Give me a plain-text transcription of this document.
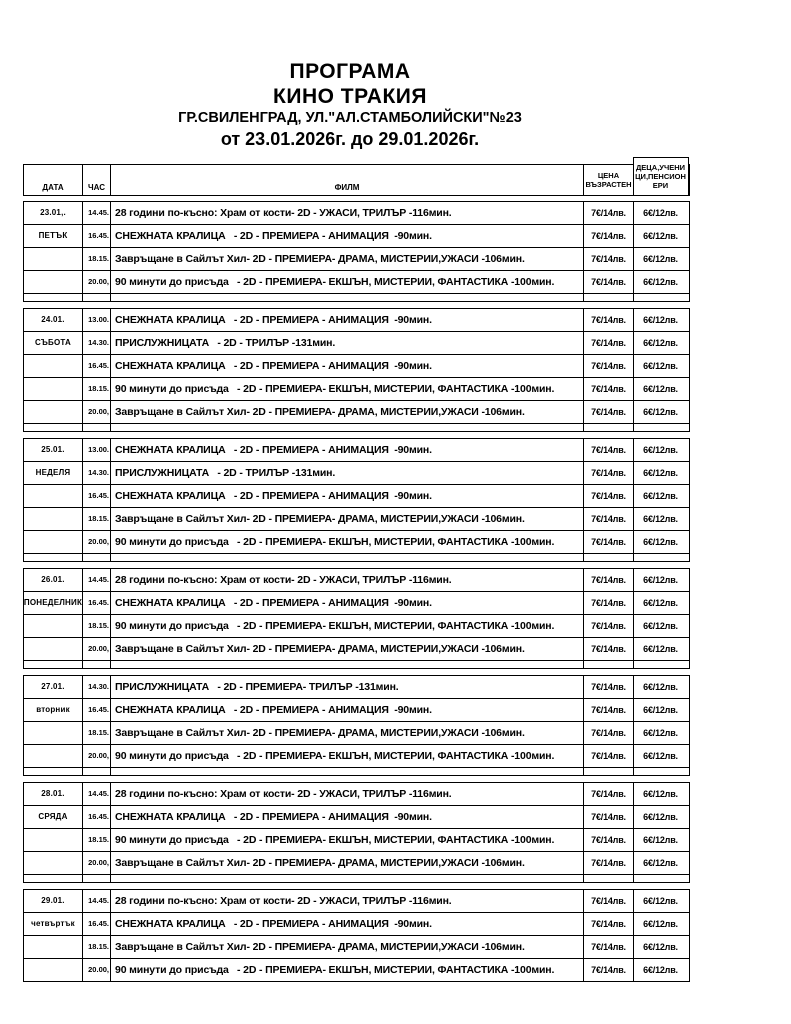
ПРОГРАМА
КИНО ТРАКИЯ
ГР.СВИЛЕНГРАД, УЛ."АЛ.СТАМБОЛИЙСКИ"№23
от 23.01.2026г. до 29.01.2026г.
ДАТА	ЧАС	ФИЛМ
ЦЕНА ВЪЗРАСТЕН
ДЕЦА,УЧЕНИЦИ,ПЕНСИОНЕРИ
23.01,.	14.45. 28 години по-късно: Храм от кости- 2D - УЖАСИ, ТРИЛЪР -116мин.	7€/14лв.	6€/12лв.
ПЕТЪК	16.45. СНЕЖНАТА КРАЛИЦА   - 2D - ПРЕМИЕРА - АНИМАЦИЯ  -90мин.	7€/14лв.	6€/12лв.
18.15. Завръщане в Сайлът Хил- 2D - ПРЕМИЕРА- ДРАМА, МИСТЕРИИ,УЖАСИ -106мин.	7€/14лв.	6€/12лв.
20.00, 90 минути до присъда   - 2D - ПРЕМИЕРА- ЕКШЪН, МИСТЕРИИ, ФАНТАСТИКА -100мин.	7€/14лв.	6€/12лв.
24.01.	13.00. СНЕЖНАТА КРАЛИЦА   - 2D - ПРЕМИЕРА - АНИМАЦИЯ  -90мин.	7€/14лв.	6€/12лв.
СЪБОТА	14.30. ПРИСЛУЖНИЦАТА   - 2D - ТРИЛЪР -131мин.	7€/14лв.	6€/12лв.
16.45. СНЕЖНАТА КРАЛИЦА   - 2D - ПРЕМИЕРА - АНИМАЦИЯ  -90мин.	7€/14лв.	6€/12лв.
18.15. 90 минути до присъда   - 2D - ПРЕМИЕРА- ЕКШЪН, МИСТЕРИИ, ФАНТАСТИКА -100мин.	7€/14лв.	6€/12лв.
20.00, Завръщане в Сайлът Хил- 2D - ПРЕМИЕРА- ДРАМА, МИСТЕРИИ,УЖАСИ -106мин.	7€/14лв.	6€/12лв.
25.01.	13.00. СНЕЖНАТА КРАЛИЦА   - 2D - ПРЕМИЕРА - АНИМАЦИЯ  -90мин.	7€/14лв.	6€/12лв.
НЕДЕЛЯ	14.30. ПРИСЛУЖНИЦАТА   - 2D - ТРИЛЪР -131мин.	7€/14лв.	6€/12лв.
16.45. СНЕЖНАТА КРАЛИЦА   - 2D - ПРЕМИЕРА - АНИМАЦИЯ  -90мин.	7€/14лв.	6€/12лв.
18.15. Завръщане в Сайлът Хил- 2D - ПРЕМИЕРА- ДРАМА, МИСТЕРИИ,УЖАСИ -106мин.	7€/14лв.	6€/12лв.
20.00, 90 минути до присъда   - 2D - ПРЕМИЕРА- ЕКШЪН, МИСТЕРИИ, ФАНТАСТИКА -100мин.	7€/14лв.	6€/12лв.
26.01.	14.45. 28 години по-късно: Храм от кости- 2D - УЖАСИ, ТРИЛЪР -116мин.	7€/14лв.	6€/12лв.
ПОНЕДЕЛНИК 16.45. СНЕЖНАТА КРАЛИЦА   - 2D - ПРЕМИЕРА - АНИМАЦИЯ  -90мин.	7€/14лв.	6€/12лв.
18.15. 90 минути до присъда   - 2D - ПРЕМИЕРА- ЕКШЪН, МИСТЕРИИ, ФАНТАСТИКА -100мин.	7€/14лв.	6€/12лв.
20.00, Завръщане в Сайлът Хил- 2D - ПРЕМИЕРА- ДРАМА, МИСТЕРИИ,УЖАСИ -106мин.	7€/14лв.	6€/12лв.
27.01.	14.30. ПРИСЛУЖНИЦАТА   - 2D - ПРЕМИЕРА- ТРИЛЪР -131мин.	7€/14лв.	6€/12лв.
вторник	16.45. СНЕЖНАТА КРАЛИЦА   - 2D - ПРЕМИЕРА - АНИМАЦИЯ  -90мин.	7€/14лв.	6€/12лв.
18.15. Завръщане в Сайлът Хил- 2D - ПРЕМИЕРА- ДРАМА, МИСТЕРИИ,УЖАСИ -106мин.	7€/14лв.	6€/12лв.
20.00, 90 минути до присъда   - 2D - ПРЕМИЕРА- ЕКШЪН, МИСТЕРИИ, ФАНТАСТИКА -100мин.	7€/14лв.	6€/12лв.
28.01.	14.45. 28 години по-късно: Храм от кости- 2D - УЖАСИ, ТРИЛЪР -116мин.	7€/14лв.	6€/12лв.
СРЯДА	16.45. СНЕЖНАТА КРАЛИЦА   - 2D - ПРЕМИЕРА - АНИМАЦИЯ  -90мин.	7€/14лв.	6€/12лв.
18.15. 90 минути до присъда   - 2D - ПРЕМИЕРА- ЕКШЪН, МИСТЕРИИ, ФАНТАСТИКА -100мин.	7€/14лв.	6€/12лв.
20.00, Завръщане в Сайлът Хил- 2D - ПРЕМИЕРА- ДРАМА, МИСТЕРИИ,УЖАСИ -106мин.	7€/14лв.	6€/12лв.
29.01.	14.45. 28 години по-късно: Храм от кости- 2D - УЖАСИ, ТРИЛЪР -116мин.	7€/14лв.	6€/12лв.
четвъртък	16.45. СНЕЖНАТА КРАЛИЦА   - 2D - ПРЕМИЕРА - АНИМАЦИЯ  -90мин.	7€/14лв.	6€/12лв.
18.15. Завръщане в Сайлът Хил- 2D - ПРЕМИЕРА- ДРАМА, МИСТЕРИИ,УЖАСИ -106мин.	7€/14лв.	6€/12лв.
20.00, 90 минути до присъда   - 2D - ПРЕМИЕРА- ЕКШЪН, МИСТЕРИИ, ФАНТАСТИКА -100мин.	7€/14лв.	6€/12лв.
